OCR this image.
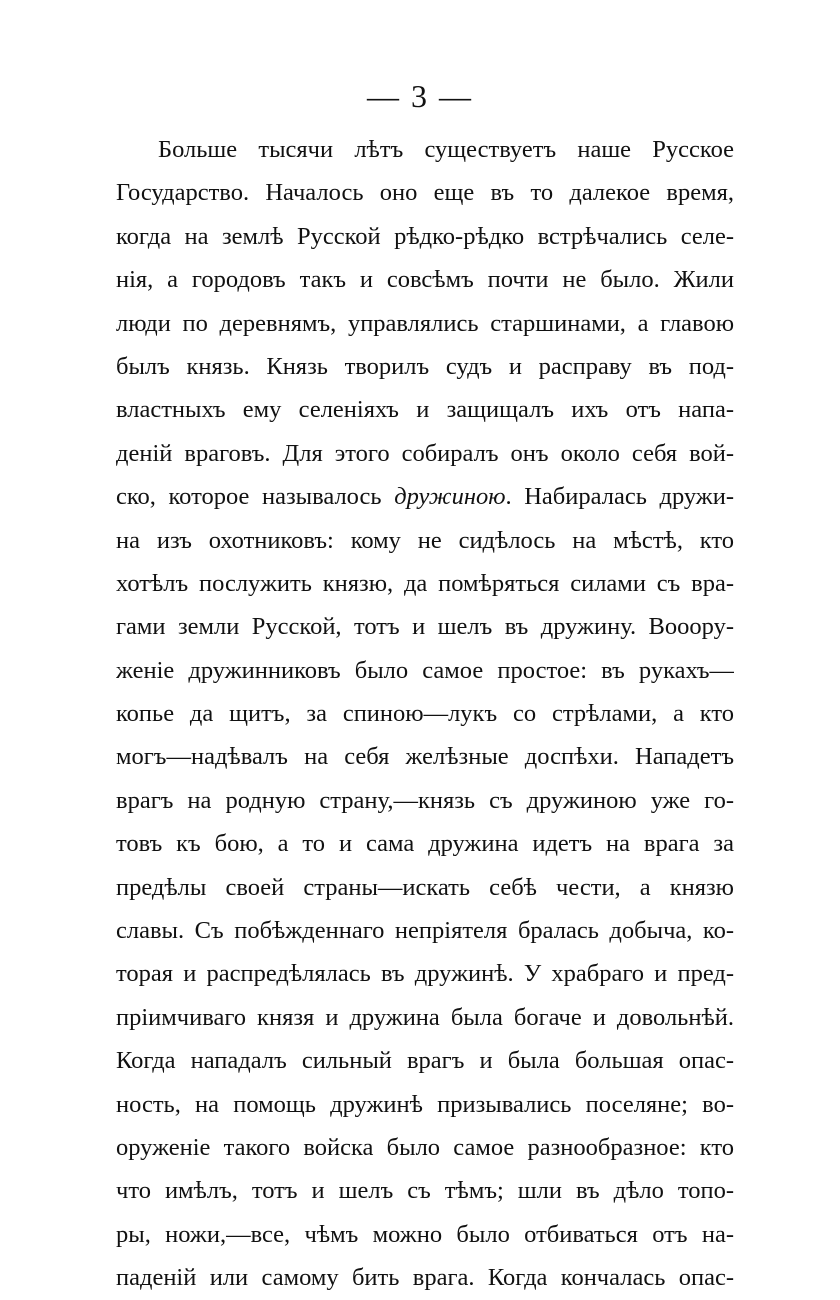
— 3 —
Больше тысячи лѣтъ существуетъ наше Русское
Государство. Началось оно еще въ то далекое время,
когда на землѣ Русской рѣдко-рѣдко встрѣчались селе-
нія, а городовъ такъ и совсѣмъ почти не было. Жили
люди по деревнямъ, управлялись старшинами, а главою
былъ князь. Князь творилъ судъ и расправу въ под-
властныхъ ему селеніяхъ и защищалъ ихъ отъ напа-
деній враговъ. Для этого собиралъ онъ около себя вой-
ско, которое называлось дружиною. Набиралась дружи-
на изъ охотниковъ: кому не сидѣлось на мѣстѣ, кто
хотѣлъ послужить князю, да помѣряться силами съ вра-
гами земли Русской, тотъ и шелъ въ дружину. Вооору-
женіе дружинниковъ было самое простое: въ рукахъ—
копье да щитъ, за спиною—лукъ со стрѣлами, а кто
могъ—надѣвалъ на себя желѣзные доспѣхи. Нападетъ
врагъ на родную страну,—князь съ дружиною уже го-
товъ къ бою, а то и сама дружина идетъ на врага за
предѣлы своей страны—искать себѣ чести, а князю
славы. Съ побѣжденнаго непріятеля бралась добыча, ко-
торая и распредѣлялась въ дружинѣ. У храбраго и пред-
пріимчиваго князя и дружина была богаче и довольнѣй.
Когда нападалъ сильный врагъ и была большая опас-
ность, на помощь дружинѣ призывались поселяне; во-
оруженіе такого войска было самое разнообразное: кто
что имѣлъ, тотъ и шелъ съ тѣмъ; шли въ дѣло топо-
ры, ножи,—все, чѣмъ можно было отбиваться отъ на-
паденій или самому бить врага. Когда кончалась опас-
